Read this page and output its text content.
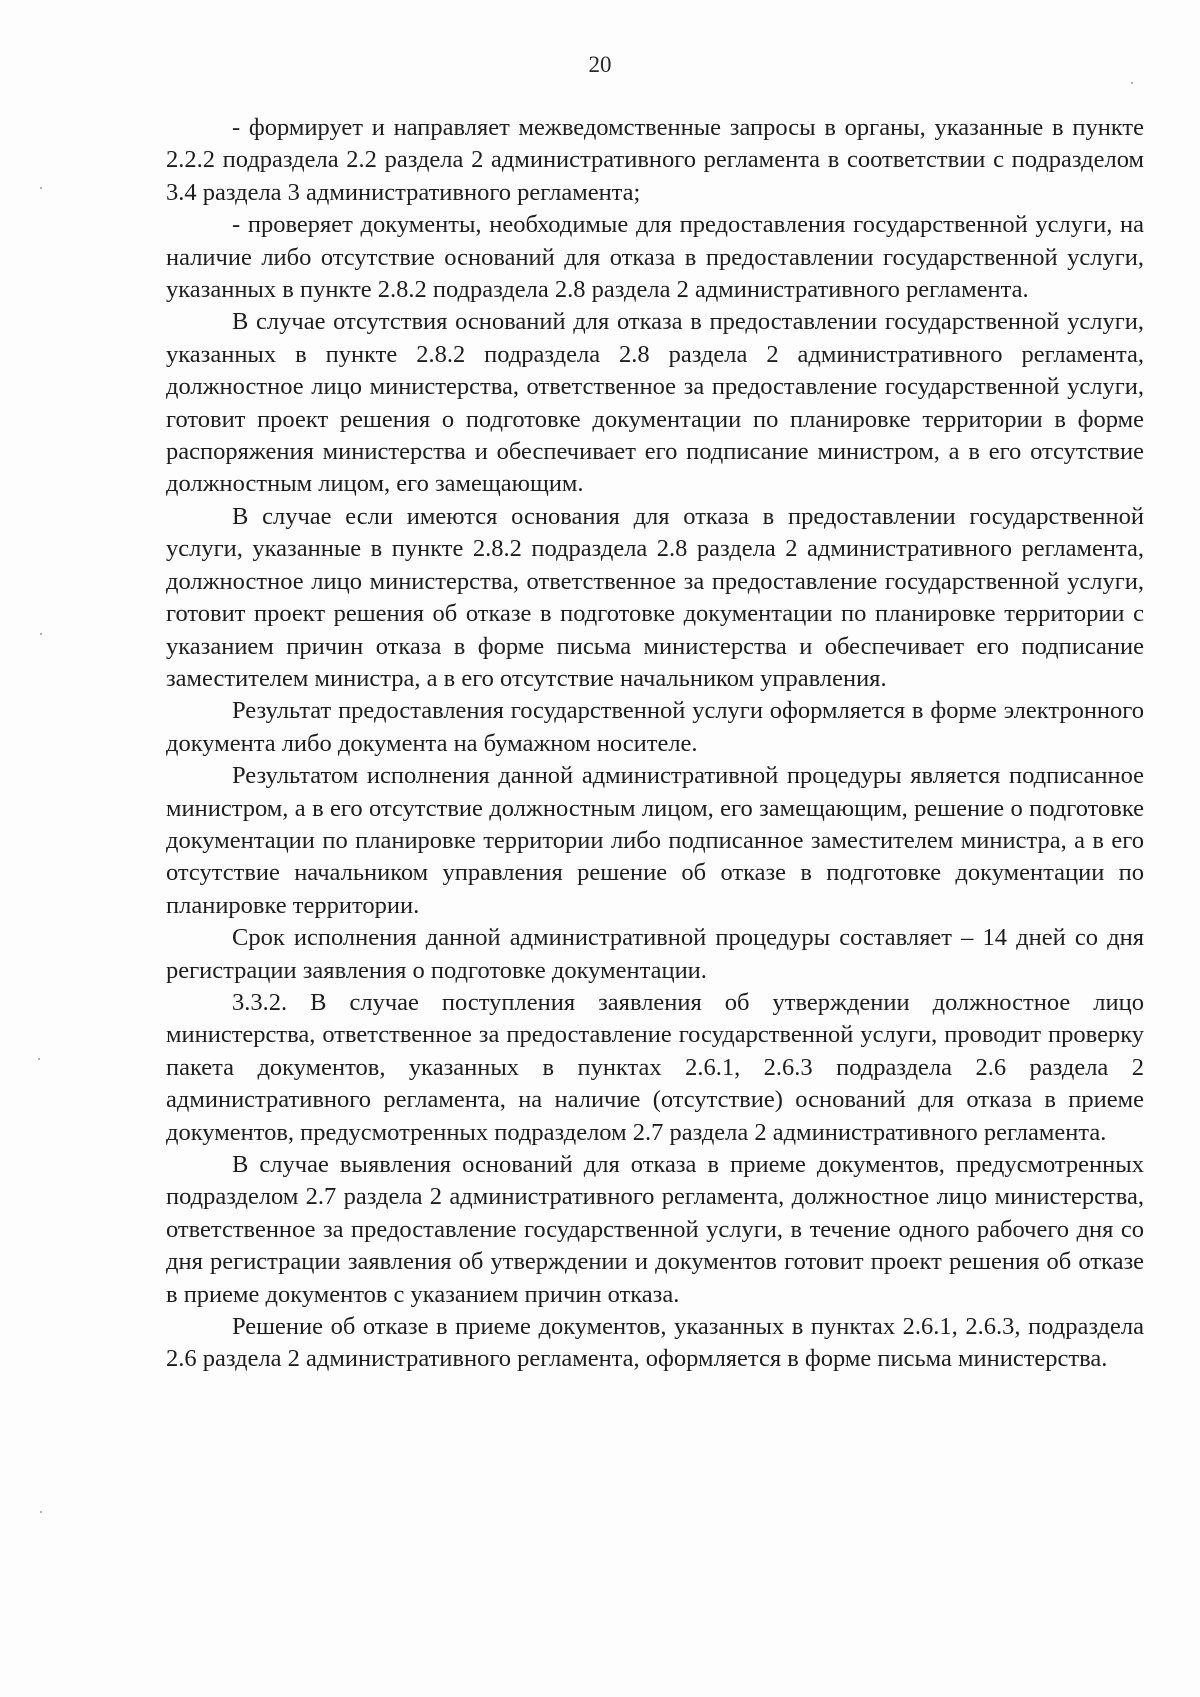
20

- формирует и направляет межведомственные запросы в органы, указанные в пункте 2.2.2 подраздела 2.2 раздела 2 административного регламента в соответствии с подразделом 3.4 раздела 3 административного регламента;

- проверяет документы, необходимые для предоставления государственной услуги, на наличие либо отсутствие оснований для отказа в предоставлении государственной услуги, указанных в пункте 2.8.2 подраздела 2.8 раздела 2 административного регламента.

В случае отсутствия оснований для отказа в предоставлении государственной услуги, указанных в пункте 2.8.2 подраздела 2.8 раздела 2 административного регламента, должностное лицо министерства, ответственное за предоставление государственной услуги, готовит проект решения о подготовке документации по планировке территории в форме распоряжения министерства и обеспечивает его подписание министром, а в его отсутствие должностным лицом, его замещающим.

В случае если имеются основания для отказа в предоставлении государственной услуги, указанные в пункте 2.8.2 подраздела 2.8 раздела 2 административного регламента, должностное лицо министерства, ответственное за предоставление государственной услуги, готовит проект решения об отказе в подготовке документации по планировке территории с указанием причин отказа в форме письма министерства и обеспечивает его подписание заместителем министра, а в его отсутствие начальником управления.

Результат предоставления государственной услуги оформляется в форме электронного документа либо документа на бумажном носителе.

Результатом исполнения данной административной процедуры является подписанное министром, а в его отсутствие должностным лицом, его замещающим, решение о подготовке документации по планировке территории либо подписанное заместителем министра, а в его отсутствие начальником управления решение об отказе в подготовке документации по планировке территории.

Срок исполнения данной административной процедуры составляет – 14 дней со дня регистрации заявления о подготовке документации.

3.3.2. В случае поступления заявления об утверждении должностное лицо министерства, ответственное за предоставление государственной услуги, проводит проверку пакета документов, указанных в пунктах 2.6.1, 2.6.3 подраздела 2.6 раздела 2 административного регламента, на наличие (отсутствие) оснований для отказа в приеме документов, предусмотренных подразделом 2.7 раздела 2 административного регламента.

В случае выявления оснований для отказа в приеме документов, предусмотренных подразделом 2.7 раздела 2 административного регламента, должностное лицо министерства, ответственное за предоставление государственной услуги, в течение одного рабочего дня со дня регистрации заявления об утверждении и документов готовит проект решения об отказе в приеме документов с указанием причин отказа.

Решение об отказе в приеме документов, указанных в пунктах 2.6.1, 2.6.3, подраздела 2.6 раздела 2 административного регламента, оформляется в форме письма министерства.
